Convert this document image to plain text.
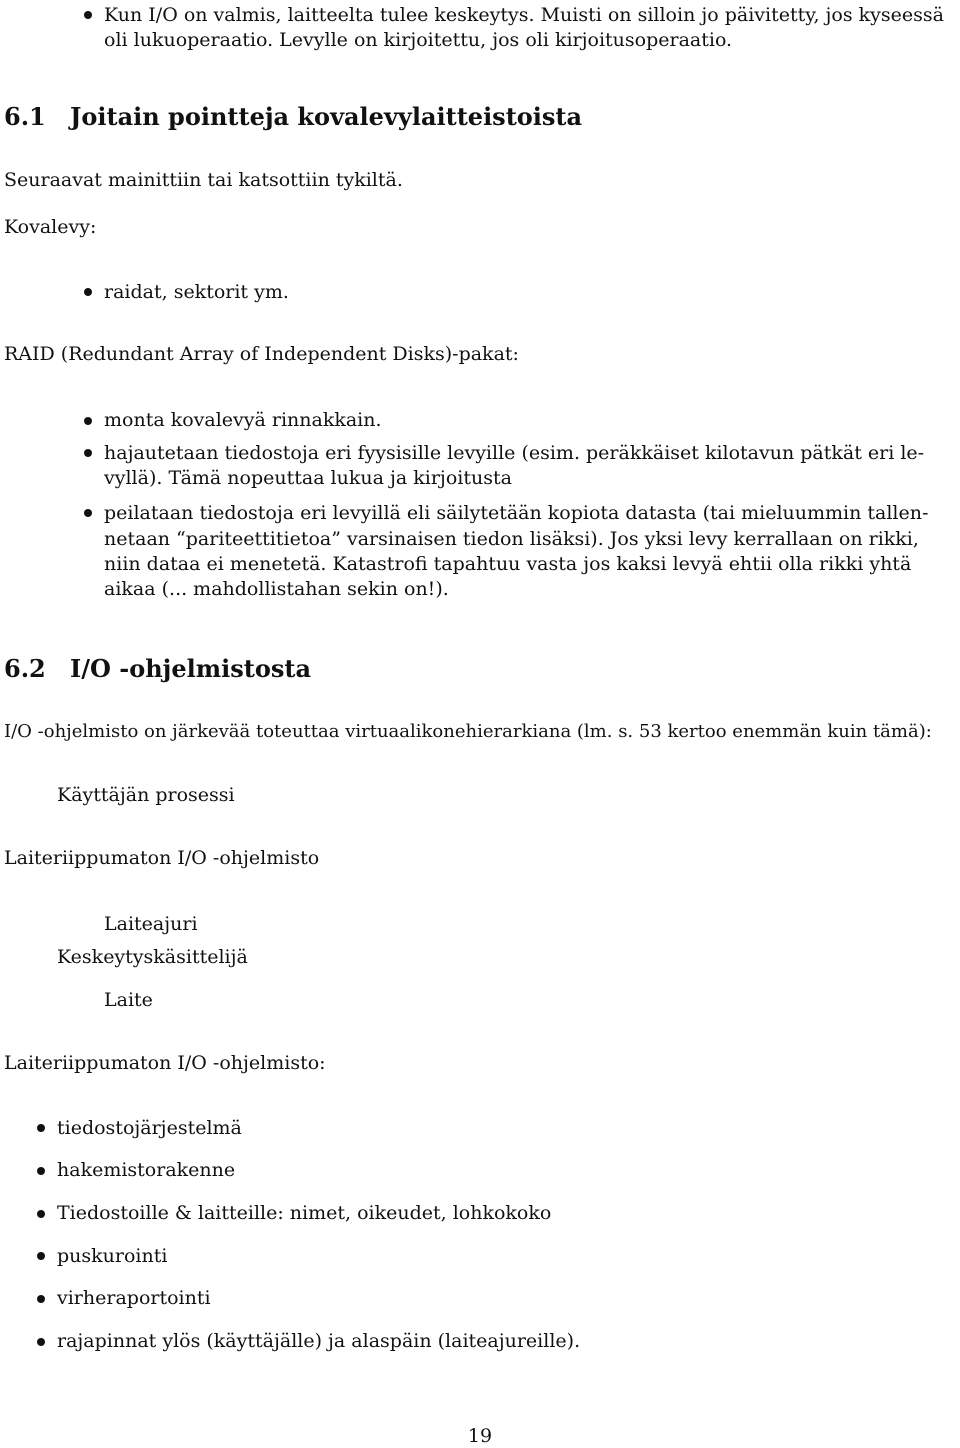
Kun I/O on valmis, laitteelta tulee keskeytys. Muisti on silloin jo päivitetty, jos kyseessä
oli lukuoperaatio. Levylle on kirjoitettu, jos oli kirjoitusoperaatio.
6.1 Joitain pointteja kovalevylaitteistoista
Seuraavat mainittiin tai katsottiin tykiltä.
Kovalevy:
raidat, sektorit ym.
RAID (Redundant Array of Independent Disks)-pakat:
monta kovalevyä rinnakkain.
hajautetaan tiedostoja eri fyysisille levyille (esim. peräkkäiset kilotavun pätkät eri le-
vyllä). Tämä nopeuttaa lukua ja kirjoitusta
peilataan tiedostoja eri levyillä eli säilytetään kopiota datasta (tai mieluummin tallen-
netaan “pariteettitietoa” varsinaisen tiedon lisäksi). Jos yksi levy kerrallaan on rikki,
niin dataa ei menetetä. Katastrofi tapahtuu vasta jos kaksi levyä ehtii olla rikki yhtä
aikaa (... mahdollistahan sekin on!).
6.2 I/O -ohjelmistosta
I/O -ohjelmisto on järkevää toteuttaa virtuaalikonehierarkiana (lm. s. 53 kertoo enemmän kuin tämä):
Käyttäjän prosessi
Laiteriippumaton I/O -ohjelmisto
Laiteajuri
Keskeytyskäsittelijä
Laite
Laiteriippumaton I/O -ohjelmisto:
tiedostojärjestelmä
hakemistorakenne
Tiedostoille & laitteille: nimet, oikeudet, lohkokoko
puskurointi
virheraportointi
rajapinnat ylös (käyttäjälle) ja alaspäin (laiteajureille).
19
